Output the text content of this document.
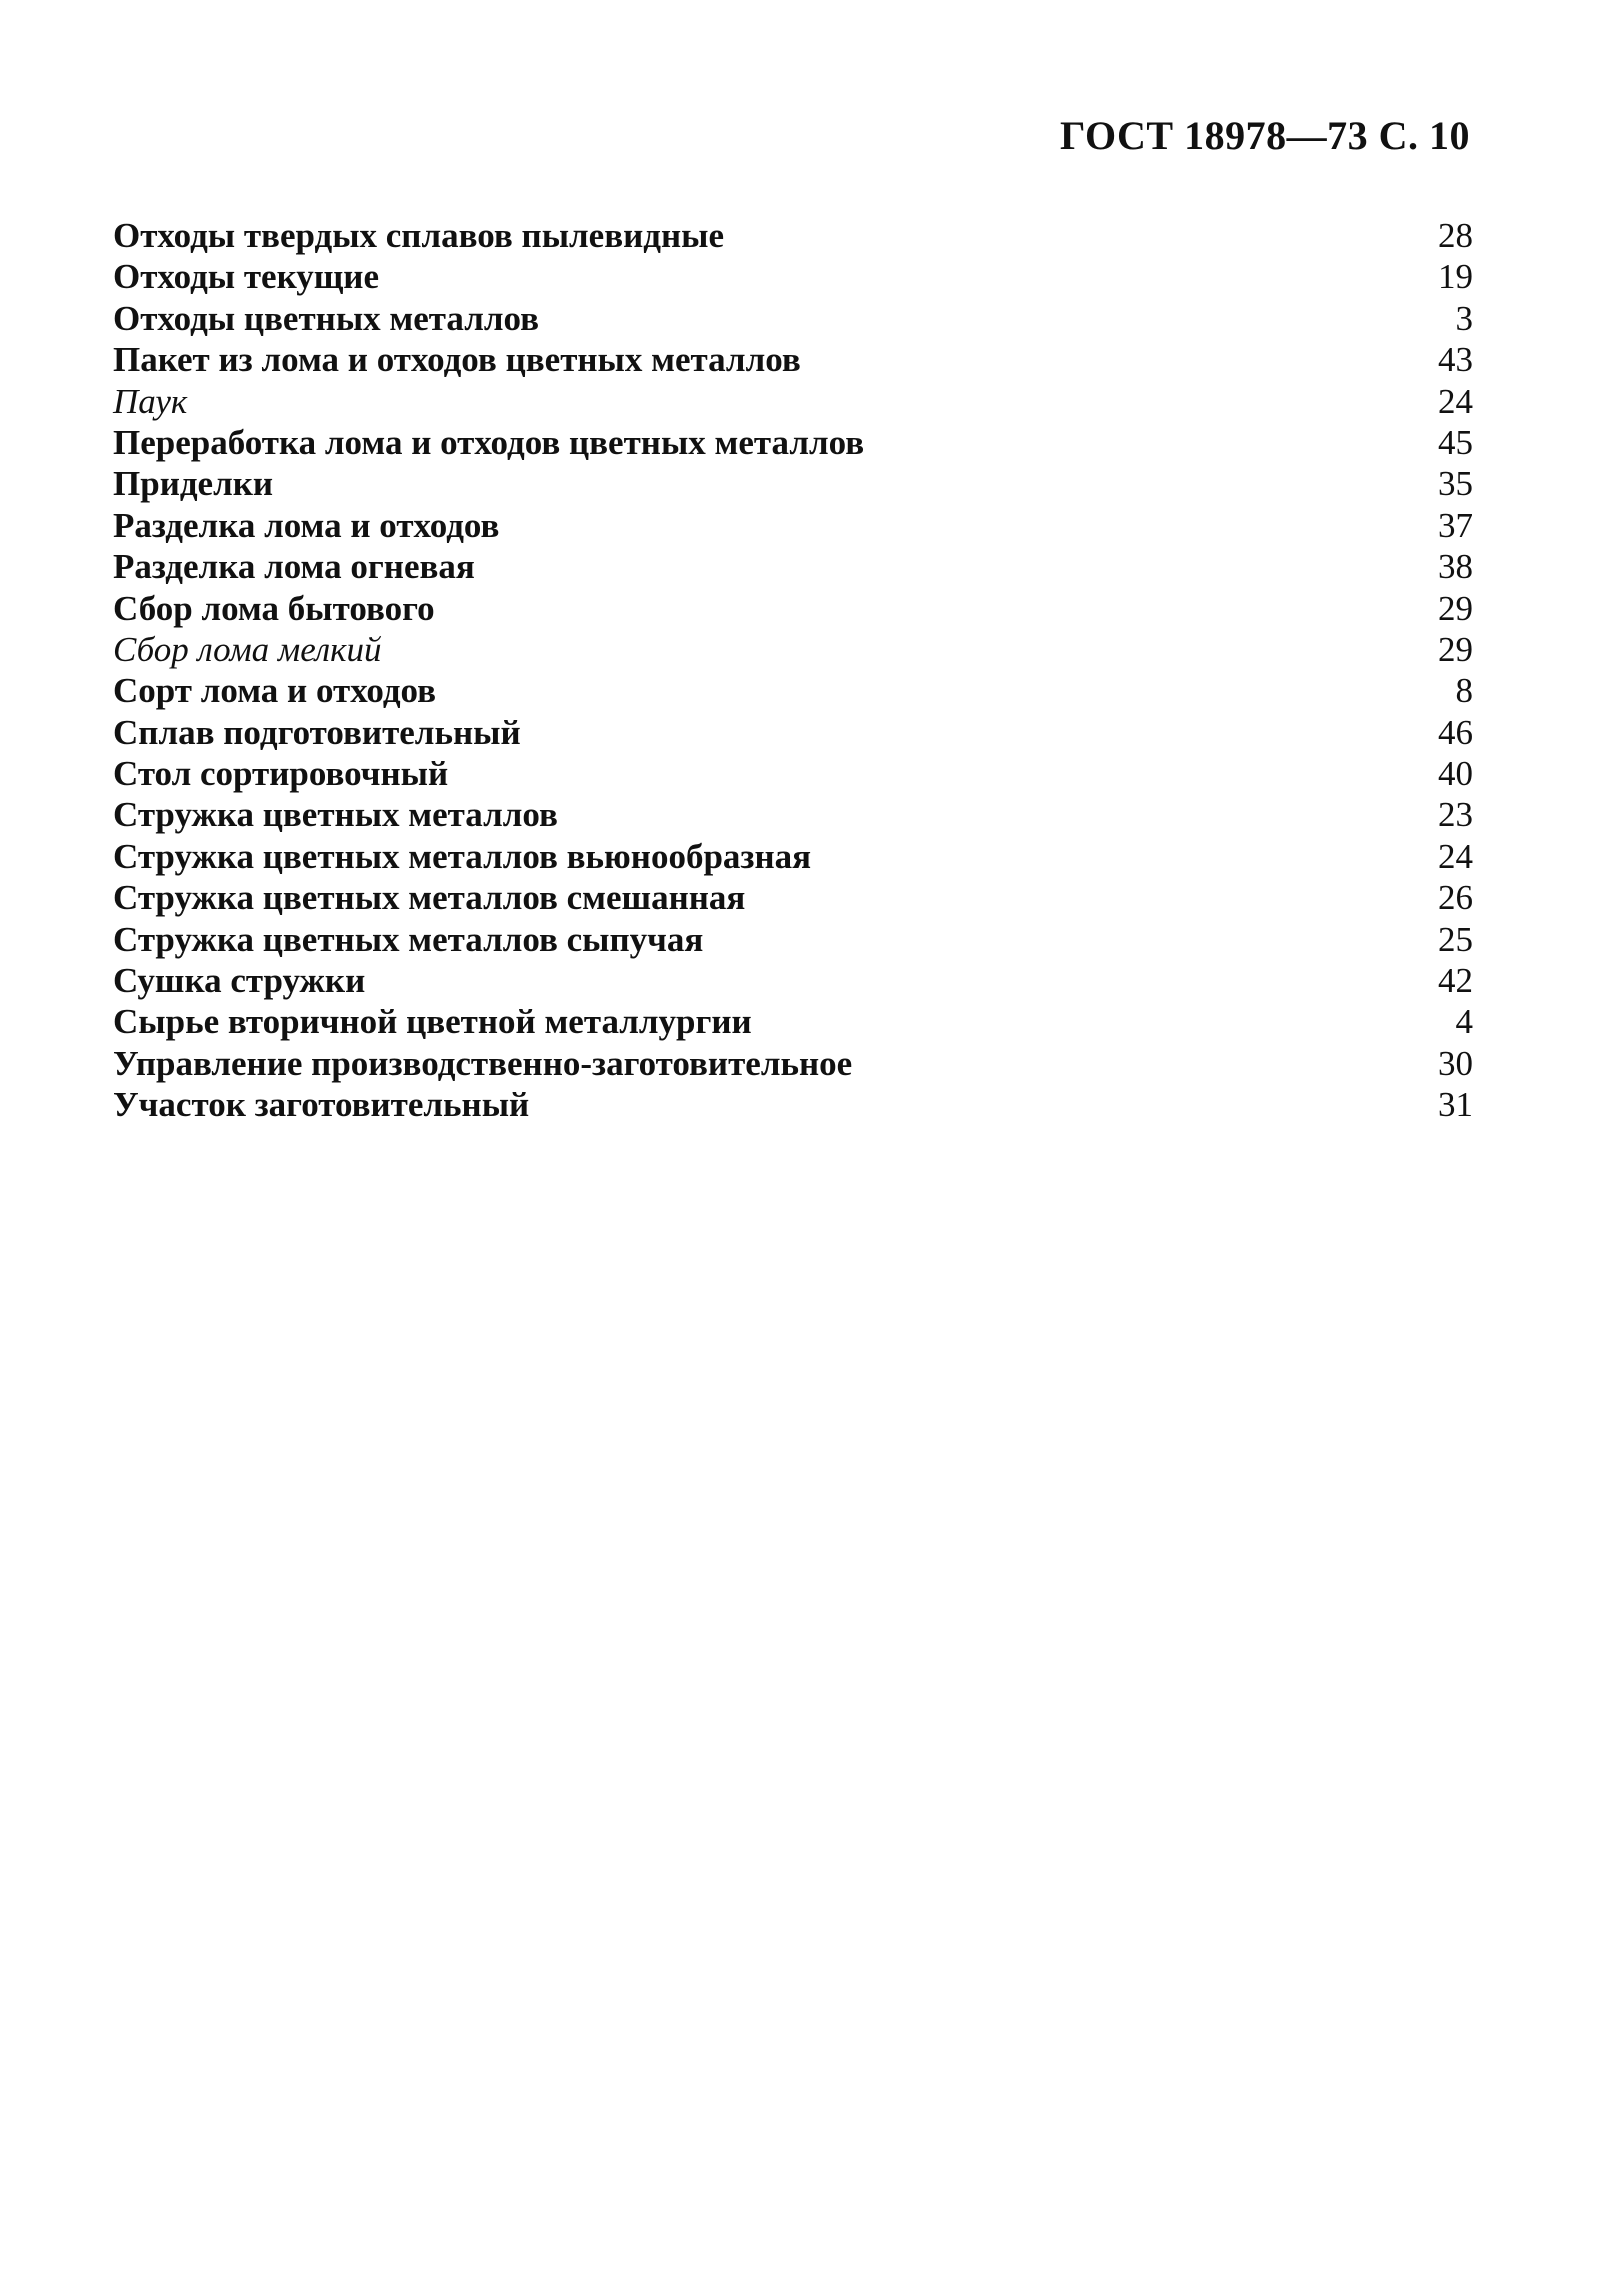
ГОСТ 18978—73 С. 10
Отходы твердых сплавов пылевидные	28
Отходы текущие	19
Отходы цветных металлов	3
Пакет из лома и отходов цветных металлов	43
Паук	24
Переработка лома и отходов цветных металлов	45
Приделки	35
Разделка лома и отходов	37
Разделка лома огневая	38
Сбор лома бытового	29
Сбор лома мелкий	29
Сорт лома и отходов	8
Сплав подготовительный	46
Стол сортировочный	40
Стружка цветных металлов	23
Стружка цветных металлов вьюнообразная	24
Стружка цветных металлов смешанная	26
Стружка цветных металлов сыпучая	25
Сушка стружки	42
Сырье вторичной цветной металлургии	4
Управление производственно-заготовительное	30
Участок заготовительный	31
